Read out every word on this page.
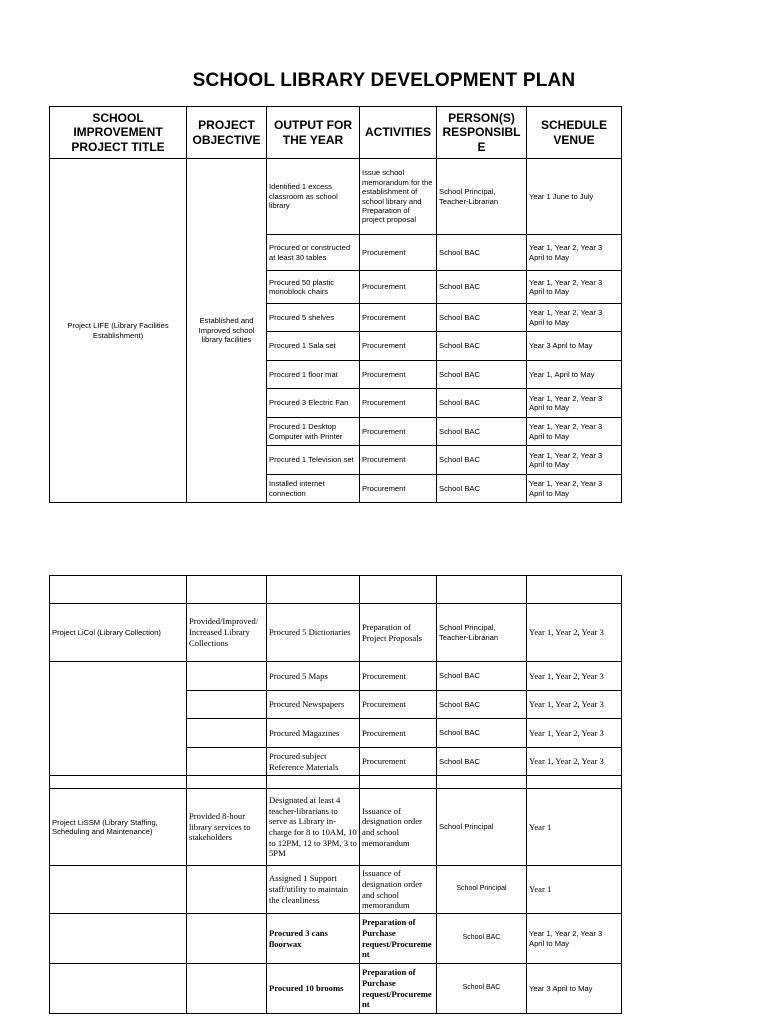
SCHOOL LIBRARY DEVELOPMENT PLAN
SCHOOL IMPROVEMENT PROJECT TITLE	PROJECT OBJECTIVE	OUTPUT FOR THE YEAR	ACTIVITIES	PERSON(S) RESPONSIBLE	SCHEDULE VENUE
Project LIFE (Library Facilities Establishment)	Established and Improved school library facilities	Identified 1 excess classroom as school library	Issue school memorandum for the establishment of school library and Preparation of project proposal	School Principal, Teacher-Librarian	Year 1 June to July
		Procured or constructed at least 30 tables	Procurement	School BAC	Year 1, Year 2, Year 3 April to May
		Procured 50 plastic monoblock chairs	Procurement	School BAC	Year 1, Year 2, Year 3 April to May
		Procured 5 shelves	Procurement	School BAC	Year 1, Year 2, Year 3 April to May
		Procured 1 Sala set	Procurement	School BAC	Year 3 April to May
		Procured 1 floor mat	Procurement	School BAC	Year 1, April to May
		Procured 3 Electric Fan	Procurement	School BAC	Year 1, Year 2, Year 3 April to May
		Procured 1 Desktop Computer with Printer	Procurement	School BAC	Year 1, Year 2, Year 3 April to May
		Procured 1 Television set	Procurement	School BAC	Year 1, Year 2, Year 3 April to May
		Installed internet connection	Procurement	School BAC	Year 1, Year 2, Year 3 April to May

Project LiCol (Library Collection)	Provided/Improved/ Increased Library Collections	Procured 5 Dictionaries	Preparation of Project Proposals	School Principal, Teacher-Librarian	Year 1, Year 2, Year 3
		Procured 5 Maps	Procurement	School BAC	Year 1, Year 2, Year 3
		Procured Newspapers	Procurement	School BAC	Year 1, Year 2, Year 3
		Procured Magazines	Procurement	School BAC	Year 1, Year 2, Year 3
		Procured subject Reference Materials	Procurement	School BAC	Year 1, Year 2, Year 3

Project LiSSM (Library Staffing, Scheduling and Maintenance)	Provided 8-hour library services to stakeholders	Designated at least 4 teacher-librarians to serve as Library in-charge for 8 to 10AM, 10 to 12PM, 12 to 3PM, 3 to 5PM	Issuance of designation order and school memorandum	School Principal	Year 1
		Assigned 1 Support staff/utility to maintain the cleanliness	Issuance of designation order and school memorandum	School Principal	Year 1
		Procured 3 cans floorwax	Preparation of Purchase request/Procurement	School BAC	Year 1, Year 2, Year 3 April to May
		Procured 10 brooms	Preparation of Purchase request/Procurement	School BAC	Year 3 April to May
